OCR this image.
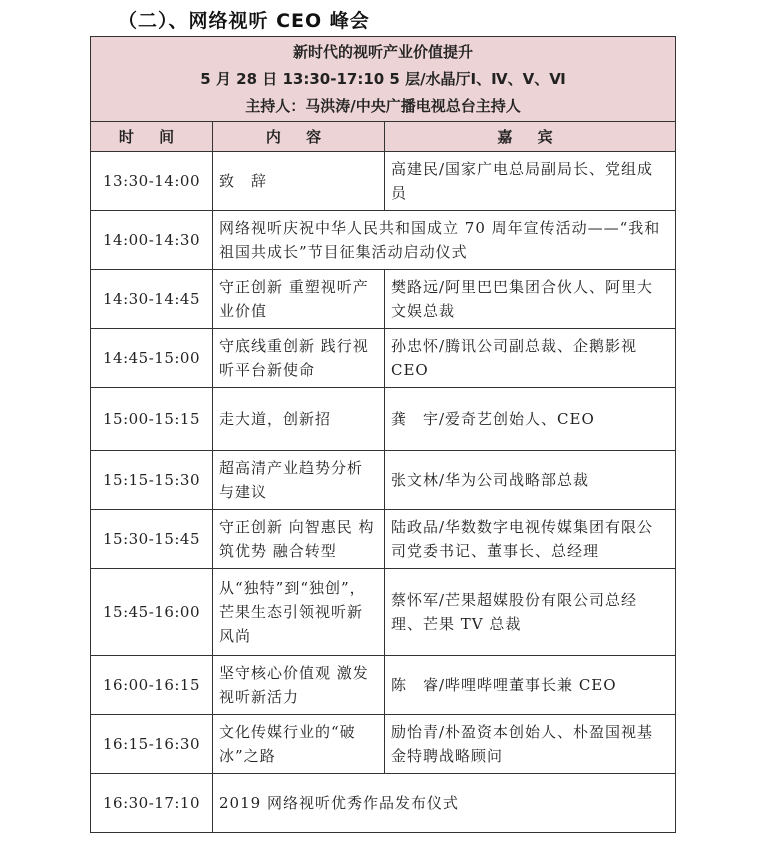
（二）、网络视听 CEO 峰会
新时代的视听产业价值提升
5 月 28 日 13:30-17:10 5 层/水晶厅Ⅰ、Ⅳ、Ⅴ、Ⅵ
主持人：马洪涛/中央广播电视总台主持人		

时 间	内 容	嘉 宾
13:30-14:00	致　辞	高建民/国家广电总局副局长、党组成员
14:00-14:30	网络视听庆祝中华人民共和国成立 70 周年宣传活动——“我和祖国共成长”节目征集活动启动仪式	
14:30-14:45	守正创新 重塑视听产业价值	樊路远/阿里巴巴集团合伙人、阿里大文娱总裁
14:45-15:00	守底线重创新 践行视听平台新使命	孙忠怀/腾讯公司副总裁、企鹅影视 CEO
15:00-15:15	走大道，创新招	龚　宇/爱奇艺创始人、CEO
15:15-15:30	超高清产业趋势分析与建议	张文林/华为公司战略部总裁
15:30-15:45	守正创新 向智惠民 构筑优势 融合转型	陆政品/华数数字电视传媒集团有限公司党委书记、董事长、总经理
15:45-16:00	从“独特”到“独创”，芒果生态引领视听新风尚	蔡怀军/芒果超媒股份有限公司总经理、芒果 TV 总裁
16:00-16:15	坚守核心价值观 激发视听新活力	陈　睿/哔哩哔哩董事长兼 CEO
16:15-16:30	文化传媒行业的“破冰”之路	励怡青/朴盈资本创始人、朴盈国视基金特聘战略顾问
16:30-17:10	2019 网络视听优秀作品发布仪式	
